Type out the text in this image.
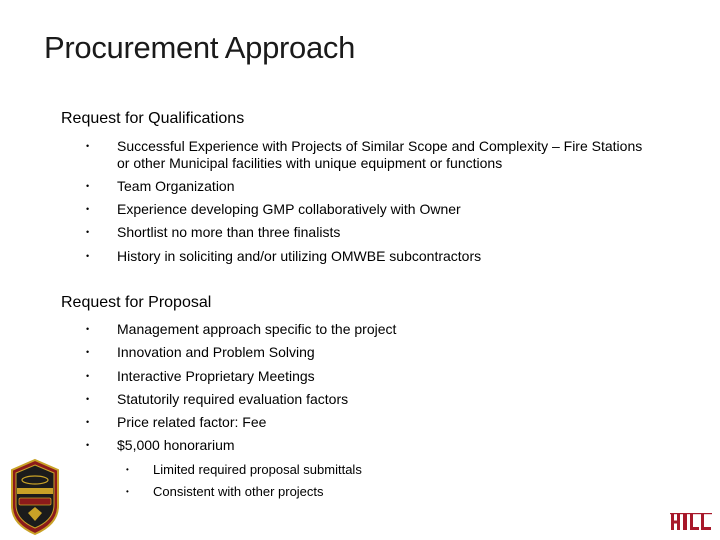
Procurement Approach
Request for Qualifications
• Successful Experience with Projects of Similar Scope and Complexity – Fire Stations or other Municipal facilities with unique equipment or functions
• Team Organization
• Experience developing GMP collaboratively with Owner
• Shortlist no more than three finalists
• History in soliciting and/or utilizing OMWBE subcontractors
Request for Proposal
• Management approach specific to the project
• Innovation and Problem Solving
• Interactive Proprietary Meetings
• Statutorily required evaluation factors
• Price related factor: Fee
• $5,000 honorarium
• Limited required proposal submittals
• Consistent with other projects
